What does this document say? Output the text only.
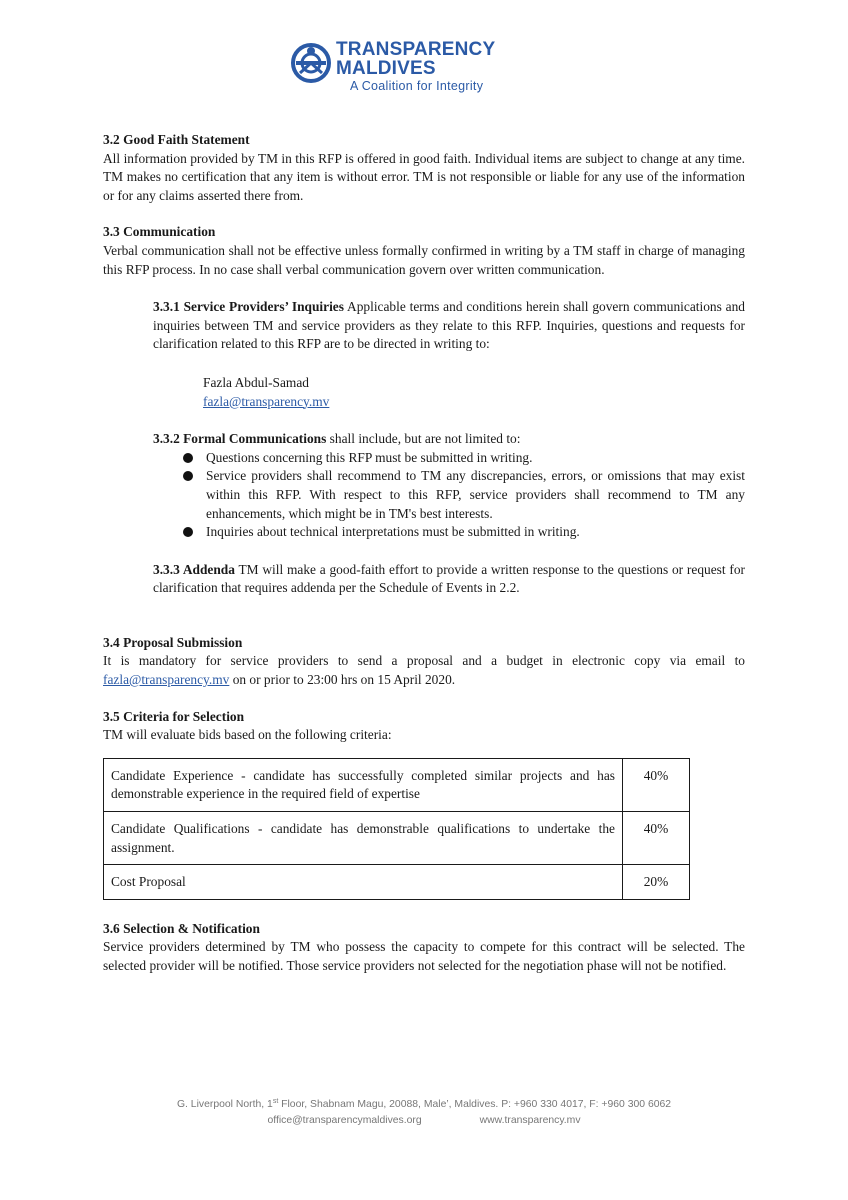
TRANSPARENCY
MALDIVES
A Coalition for Integrity
3.2 Good Faith Statement
All information provided by TM in this RFP is offered in good faith. Individual items are subject to change at any time. TM makes no certification that any item is without error. TM is not responsible or liable for any use of the information or for any claims asserted there from.
3.3 Communication
Verbal communication shall not be effective unless formally confirmed in writing by a TM staff in charge of managing this RFP process. In no case shall verbal communication govern over written communication.
3.3.1 Service Providers’ Inquiries Applicable terms and conditions herein shall govern communications and inquiries between TM and service providers as they relate to this RFP. Inquiries, questions and requests for clarification related to this RFP are to be directed in writing to:
Fazla Abdul-Samad
fazla@transparency.mv
3.3.2 Formal Communications shall include, but are not limited to:
Questions concerning this RFP must be submitted in writing.
Service providers shall recommend to TM any discrepancies, errors, or omissions that may exist within this RFP. With respect to this RFP, service providers shall recommend to TM any enhancements, which might be in TM's best interests.
Inquiries about technical interpretations must be submitted in writing.
3.3.3 Addenda TM will make a good-faith effort to provide a written response to the questions or request for clarification that requires addenda per the Schedule of Events in 2.2.
3.4 Proposal Submission
It is mandatory for service providers to send a proposal and a budget in electronic copy via email to fazla@transparency.mv on or prior to 23:00 hrs on 15 April 2020.
3.5 Criteria for Selection
TM will evaluate bids based on the following criteria:
Candidate Experience - candidate has successfully completed similar projects and has demonstrable experience in the required field of expertise	40%
Candidate Qualifications - candidate has demonstrable qualifications to undertake the assignment.	40%
Cost Proposal	20%
3.6 Selection & Notification
Service providers determined by TM who possess the capacity to compete for this contract will be selected. The selected provider will be notified. Those service providers not selected for the negotiation phase will not be notified.
G. Liverpool North, 1st Floor, Shabnam Magu, 20088, Male’, Maldives. P: +960 330 4017, F: +960 300 6062
office@transparencymaldives.org	www.transparency.mv
